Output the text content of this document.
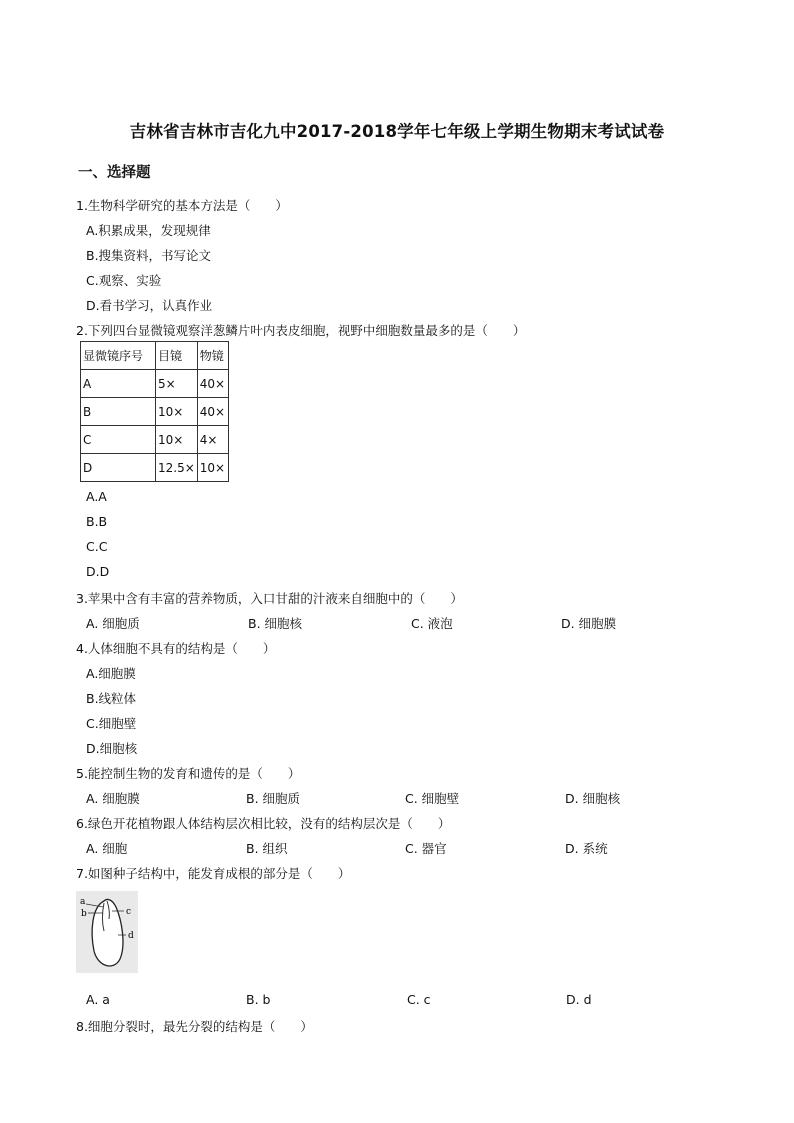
吉林省吉林市吉化九中2017-2018学年七年级上学期生物期末考试试卷
一、选择题
1.生物科学研究的基本方法是（　　）
A.积累成果，发现规律
B.搜集资料，书写论文
C.观察、实验
D.看书学习，认真作业
2.下列四台显微镜观察洋葱鳞片叶内表皮细胞，视野中细胞数量最多的是（　　）
显微镜序号	目镜	物镜
A	5×	40×
B	10×	40×
C	10×	4×
D	12.5×	10×
A.A
B.B
C.C
D.D
3.苹果中含有丰富的营养物质，入口甘甜的汁液来自细胞中的（　　）
A. 细胞质	B. 细胞核	C. 液泡	D. 细胞膜
4.人体细胞不具有的结构是（　　）
A.细胞膜
B.线粒体
C.细胞壁
D.细胞核
5.能控制生物的发育和遗传的是（　　）
A. 细胞膜	B. 细胞质	C. 细胞壁	D. 细胞核
6.绿色开花植物跟人体结构层次相比较，没有的结构层次是（　　）
A. 细胞	B. 组织	C. 器官	D. 系统
7.如图种子结构中，能发育成根的部分是（　　）
a
b	c
d
A. a	B. b	C. c	D. d
8.细胞分裂时，最先分裂的结构是（　　）
